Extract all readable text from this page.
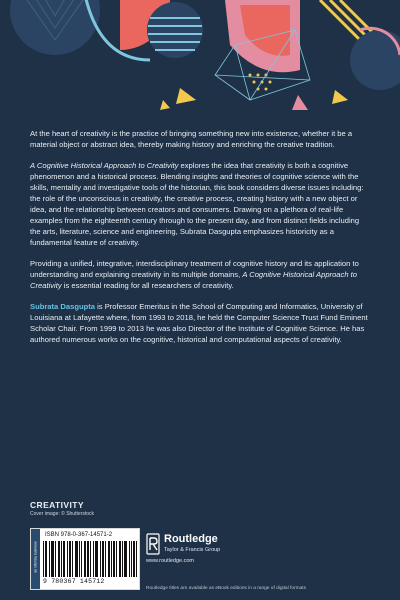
At the heart of creativity is the practice of bringing something new into existence, whether it be a material object or abstract idea, thereby making history and enriching the creative tradition.

A Cognitive Historical Approach to Creativity explores the idea that creativity is both a cognitive phenomenon and a historical process. Blending insights and theories of cognitive science with the skills, mentality and investigative tools of the historian, this book considers diverse issues including: the role of the unconscious in creativity, the creative process, creating history with a new object or idea, and the relationship between creators and consumers. Drawing on a plethora of real-life examples from the eighteenth century through to the present day, and from distinct fields including the arts, literature, science and engineering, Subrata Dasgupta emphasizes historicity as a fundamental feature of creativity.

Providing a unified, integrative, interdisciplinary treatment of cognitive history and its application to understanding and explaining creativity in its multiple domains, A Cognitive Historical Approach to Creativity is essential reading for all researchers of creativity.

Subrata Dasgupta is Professor Emeritus in the School of Computing and Informatics, University of Louisiana at Lafayette where, from 1993 to 2018, he held the Computer Science Trust Fund Eminent Scholar Chair. From 1999 to 2013 he was also Director of the Institute of Cognitive Science. He has authored numerous works on the cognitive, historical and computational aspects of creativity.

CREATIVITY
Cover image: © Shutterstock
an informa business
ISBN 978-0-367-14571-2
9 780367 145712
Routledge
Taylor & Francis Group
www.routledge.com
Routledge titles are available as eBook editions in a range of digital formats
